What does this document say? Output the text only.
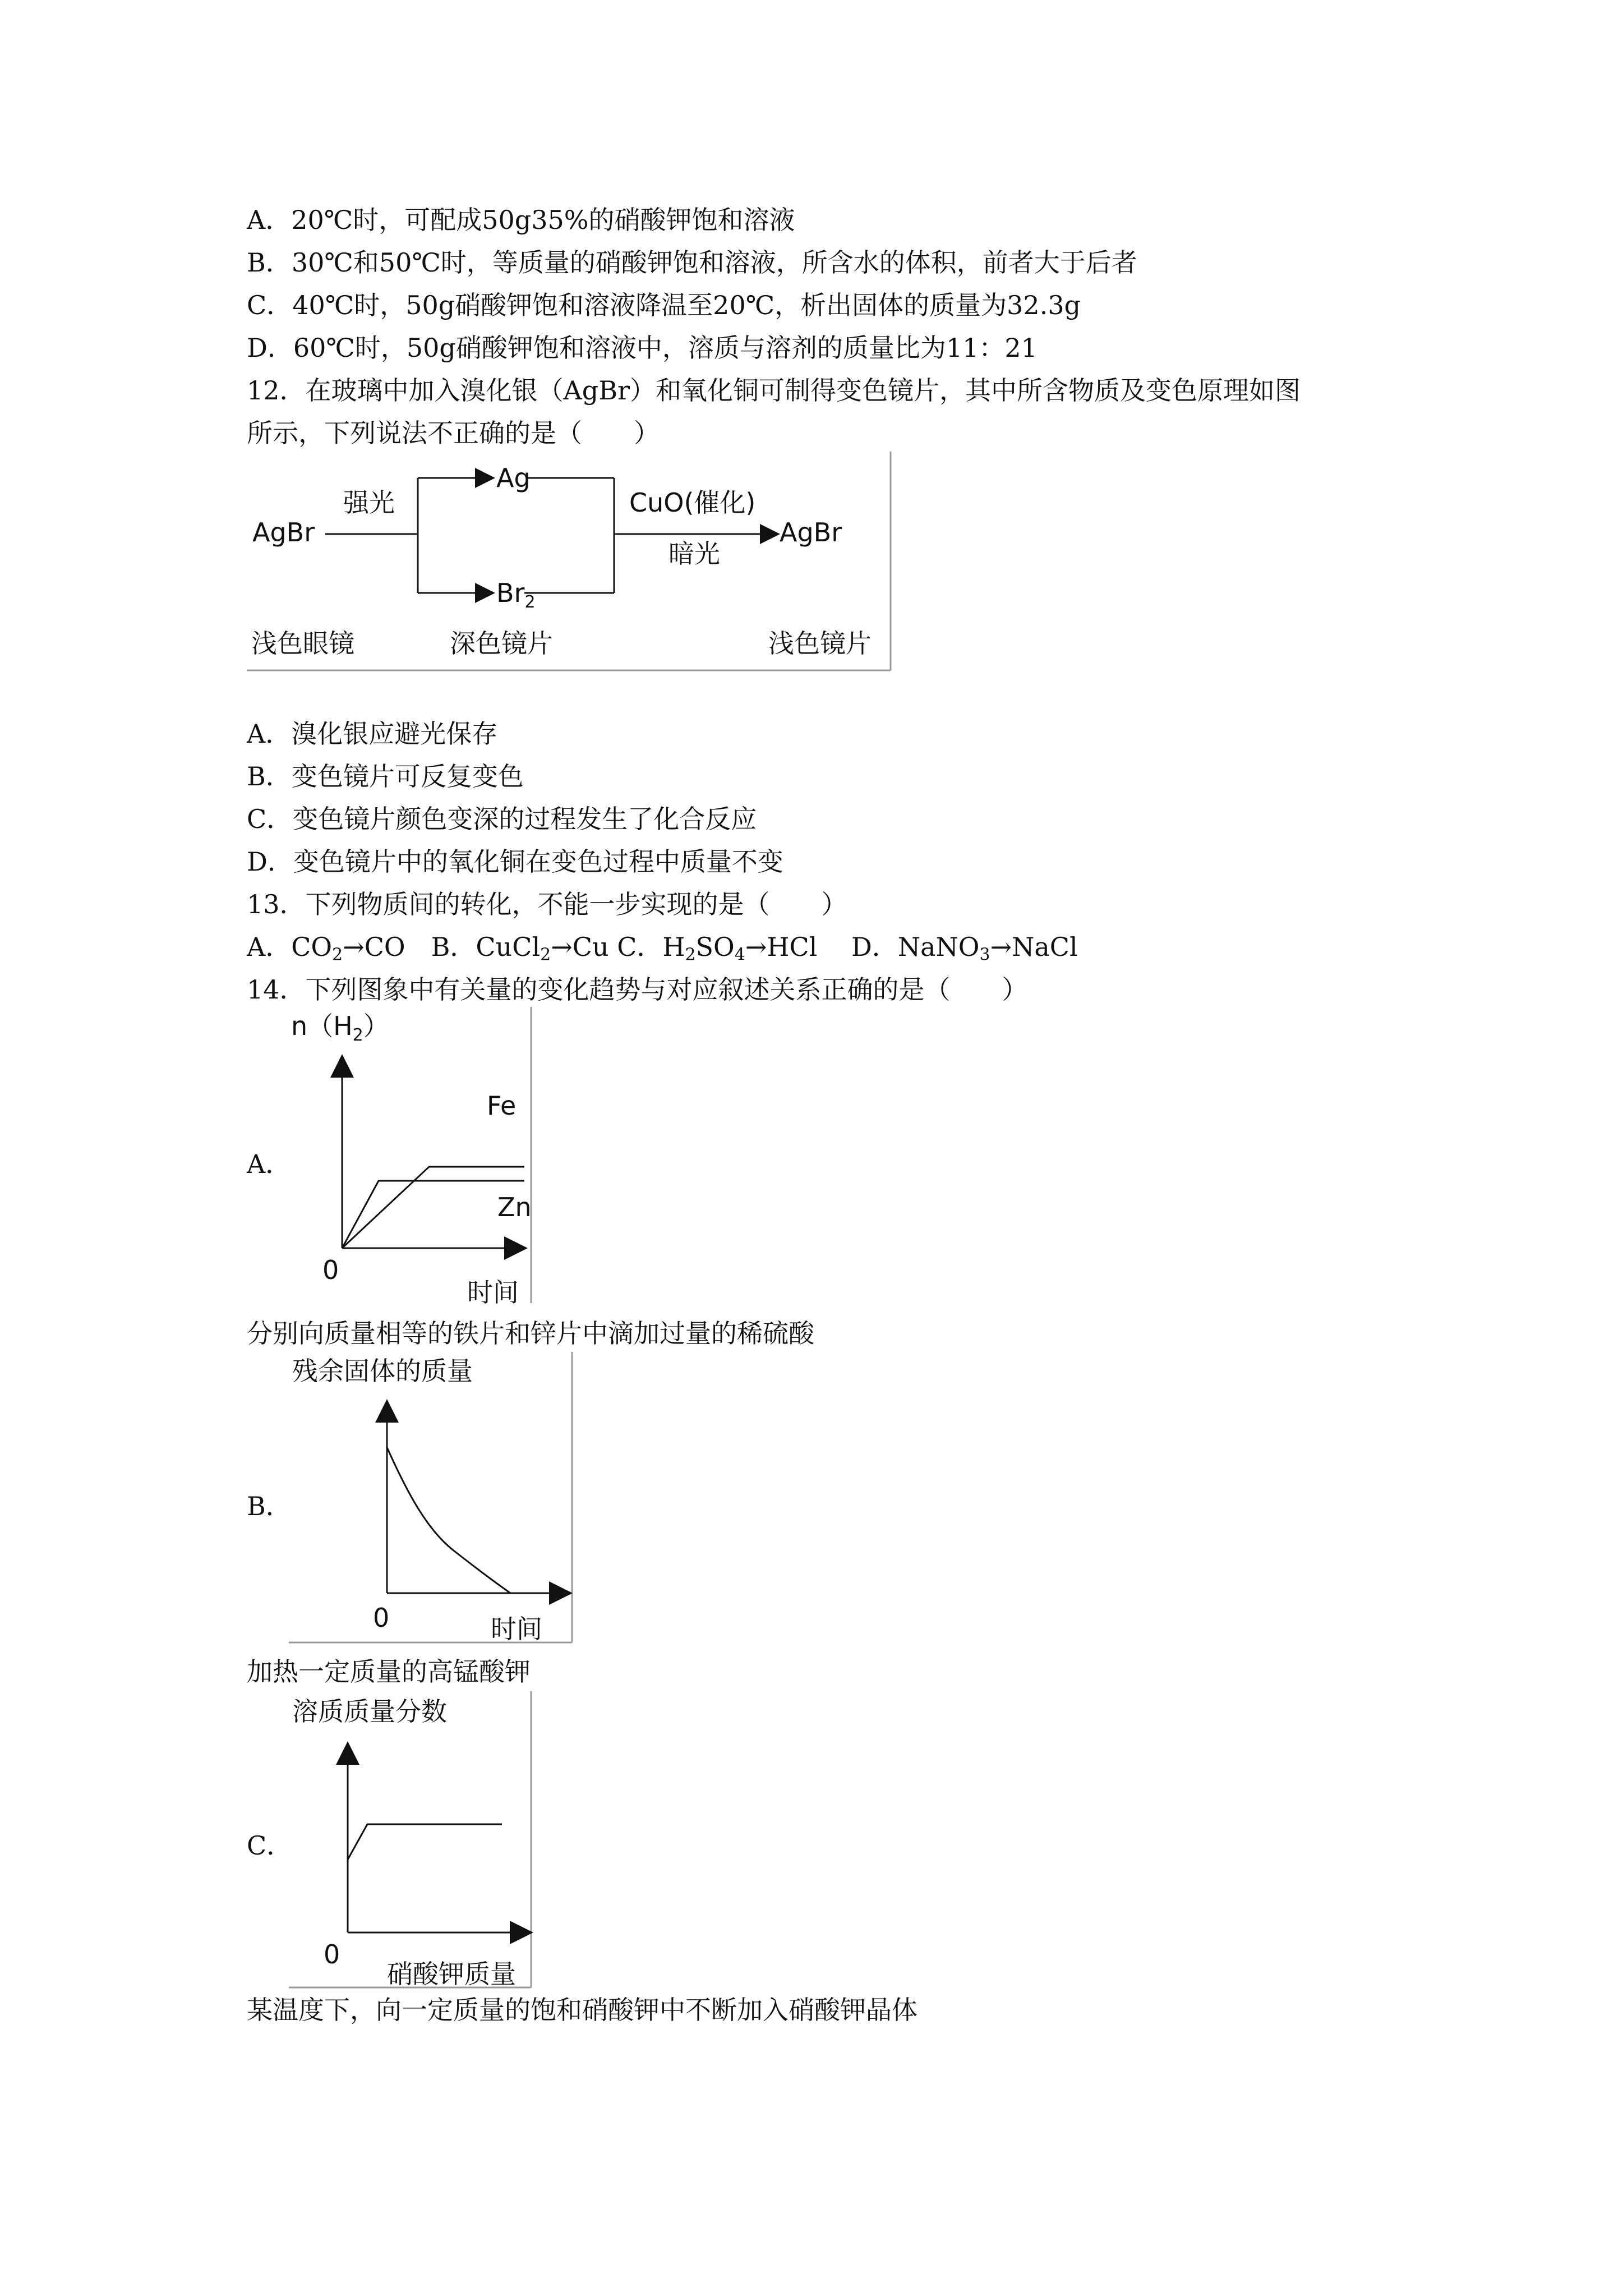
A．20℃时，可配成50g35%的硝酸钾饱和溶液
B．30℃和50℃时，等质量的硝酸钾饱和溶液，所含水的体积，前者大于后者
C．40℃时，50g硝酸钾饱和溶液降温至20℃，析出固体的质量为32.3g
D．60℃时，50g硝酸钾饱和溶液中，溶质与溶剂的质量比为11：21
12．在玻璃中加入溴化银（AgBr）和氧化铜可制得变色镜片，其中所含物质及变色原理如图
所示，下列说法不正确的是（　　）
AgBr
强光
Ag
$Br_2$
CuO(催化)
暗光
AgBr
浅色眼镜	深色镜片	浅色镜片
A．溴化银应避光保存
B．变色镜片可反复变色
C．变色镜片颜色变深的过程发生了化合反应
D．变色镜片中的氧化铜在变色过程中质量不变
13．下列物质间的转化，不能一步实现的是（　　）
A．$CO_2\to CO$　B．CuCl$_2$→Cu C．$H_2SO_4\to HCl$　 D．NaNO$_3$→NaCl
14．下列图象中有关量的变化趋势与对应叙述关系正确的是（　　）
A．
$n(H_2)$
Fe
Zn
0
时间
分别向质量相等的铁片和锌片中滴加过量的稀硫酸
B．
残余固体的质量
0	时间
加热一定质量的高锰酸钾
C．
溶质质量分数
0
硝酸钾质量
某温度下，向一定质量的饱和硝酸钾中不断加入硝酸钾晶体
